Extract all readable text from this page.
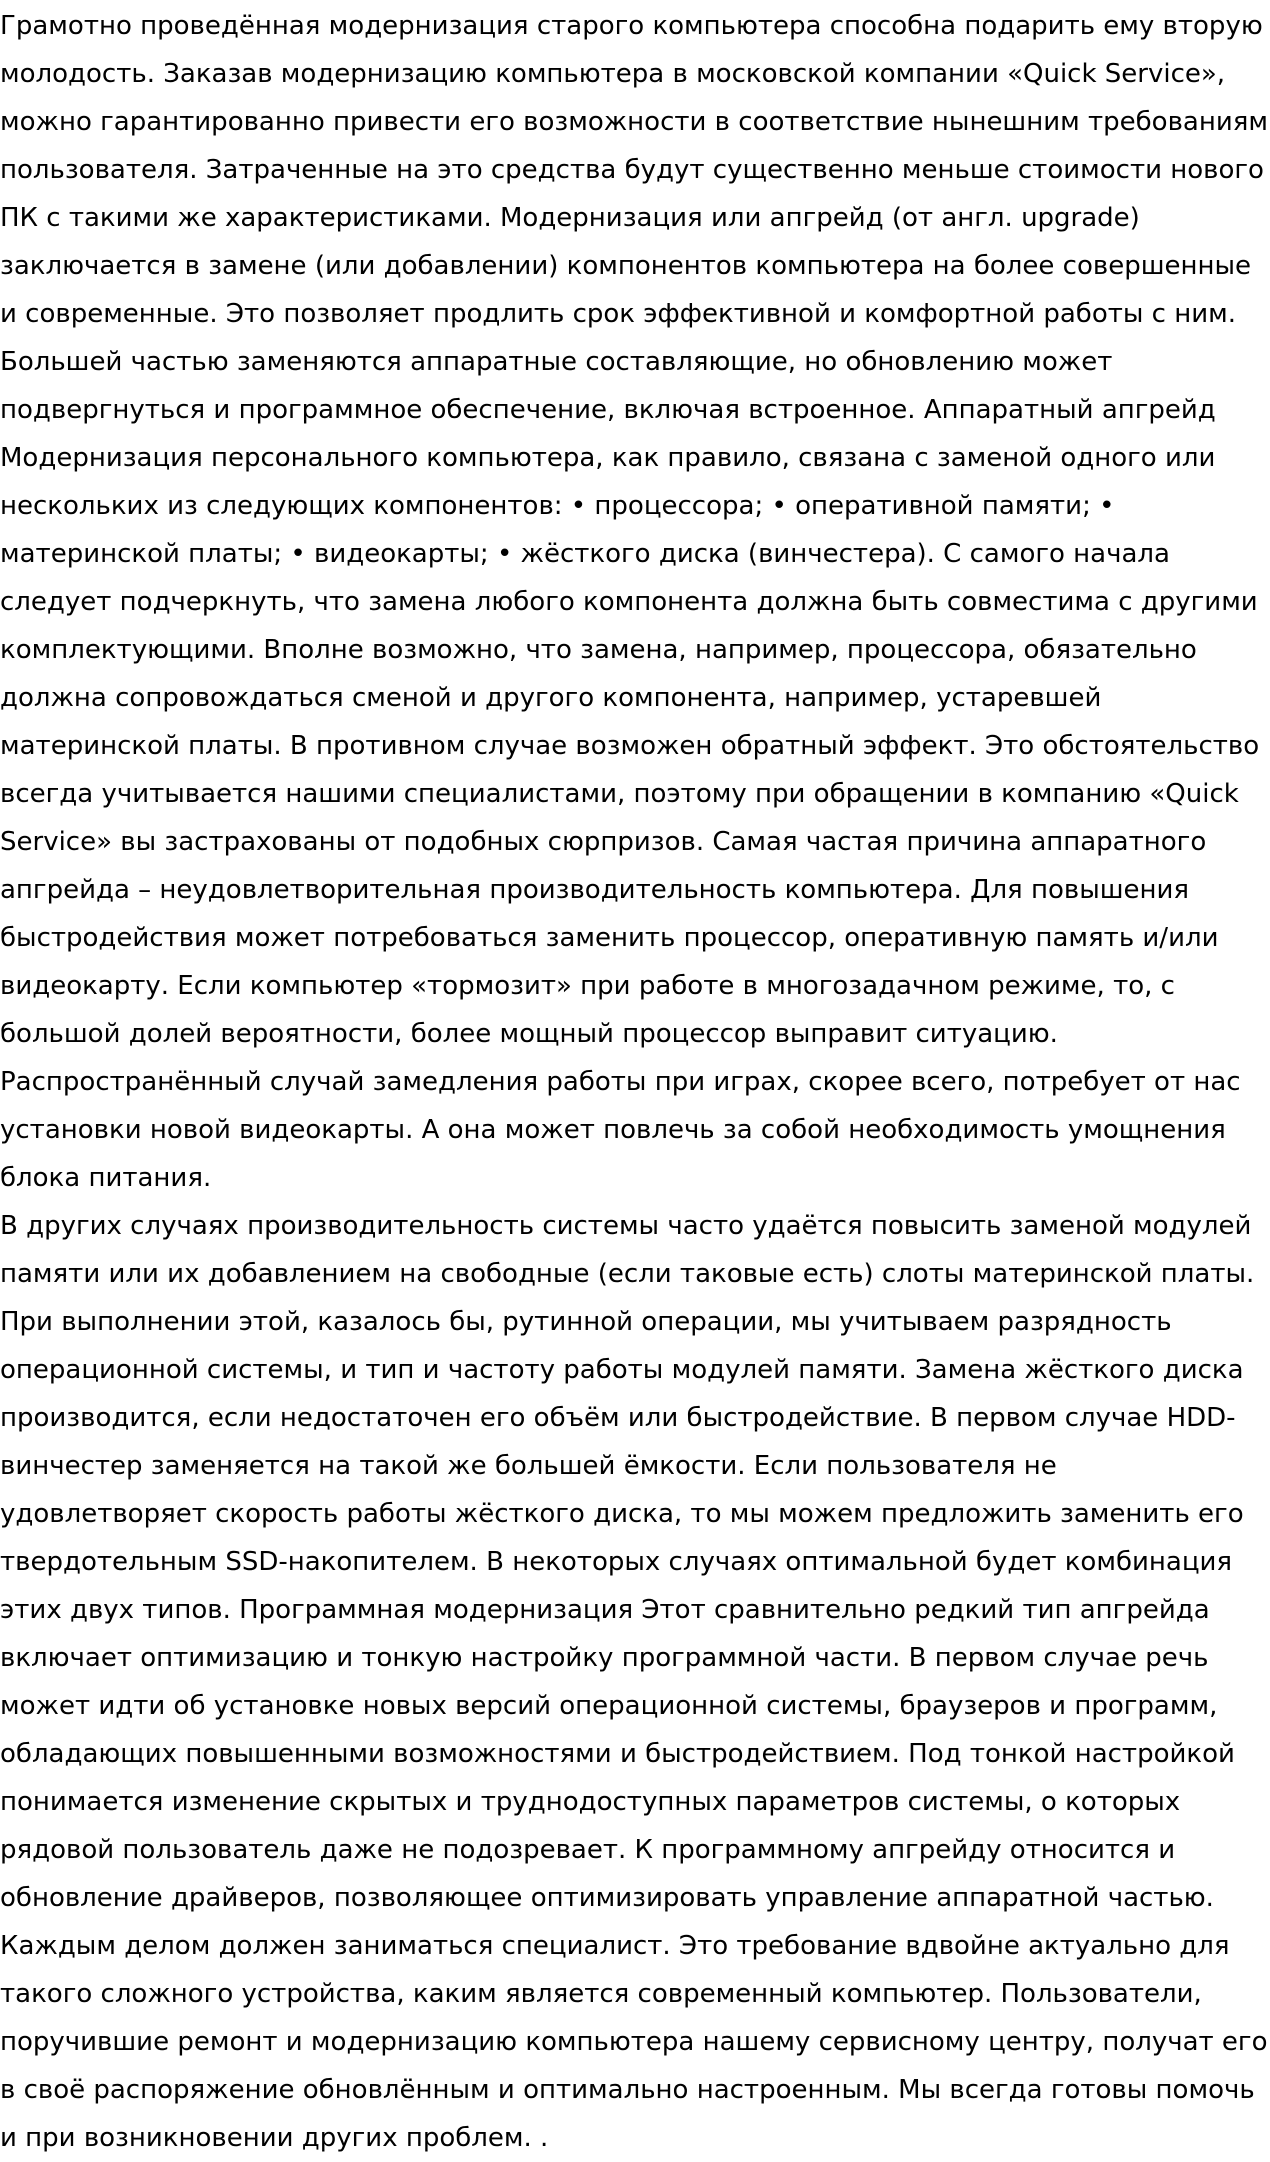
Грамотно проведённая модернизация старого компьютера способна подарить ему вторую
молодость. Заказав модернизацию компьютера в московской компании «Quick Service»,
можно гарантированно привести его возможности в соответствие нынешним требованиям
пользователя. Затраченные на это средства будут существенно меньше стоимости нового
ПК с такими же характеристиками. Модернизация или апгрейд (от англ. upgrade)
заключается в замене (или добавлении) компонентов компьютера на более совершенные
и современные. Это позволяет продлить срок эффективной и комфортной работы с ним.
Большей частью заменяются аппаратные составляющие, но обновлению может
подвергнуться и программное обеспечение, включая встроенное. Аппаратный апгрейд
Модернизация персонального компьютера, как правило, связана с заменой одного или
нескольких из следующих компонентов: • процессора; • оперативной памяти; •
материнской платы; • видеокарты; • жёсткого диска (винчестера). С самого начала
следует подчеркнуть, что замена любого компонента должна быть совместима с другими
комплектующими. Вполне возможно, что замена, например, процессора, обязательно
должна сопровождаться сменой и другого компонента, например, устаревшей
материнской платы. В противном случае возможен обратный эффект. Это обстоятельство
всегда учитывается нашими специалистами, поэтому при обращении в компанию «Quick
Service» вы застрахованы от подобных сюрпризов. Самая частая причина аппаратного
апгрейда – неудовлетворительная производительность компьютера. Для повышения
быстродействия может потребоваться заменить процессор, оперативную память и/или
видеокарту. Если компьютер «тормозит» при работе в многозадачном режиме, то, с
большой долей вероятности, более мощный процессор выправит ситуацию.
Распространённый случай замедления работы при играх, скорее всего, потребует от нас
установки новой видеокарты. А она может повлечь за собой необходимость умощнения
блока питания.

В других случаях производительность системы часто удаётся повысить заменой модулей
памяти или их добавлением на свободные (если таковые есть) слоты материнской платы.
При выполнении этой, казалось бы, рутинной операции, мы учитываем разрядность
операционной системы, и тип и частоту работы модулей памяти. Замена жёсткого диска
производится, если недостаточен его объём или быстродействие. В первом случае HDD-
винчестер заменяется на такой же большей ёмкости. Если пользователя не
удовлетворяет скорость работы жёсткого диска, то мы можем предложить заменить его
твердотельным SSD-накопителем. В некоторых случаях оптимальной будет комбинация
этих двух типов. Программная модернизация Этот сравнительно редкий тип апгрейда
включает оптимизацию и тонкую настройку программной части. В первом случае речь
может идти об установке новых версий операционной системы, браузеров и программ,
обладающих повышенными возможностями и быстродействием. Под тонкой настройкой
понимается изменение скрытых и труднодоступных параметров системы, о которых
рядовой пользователь даже не подозревает. К программному апгрейду относится и
обновление драйверов, позволяющее оптимизировать управление аппаратной частью.
Каждым делом должен заниматься специалист. Это требование вдвойне актуально для
такого сложного устройства, каким является современный компьютер. Пользователи,
поручившие ремонт и модернизацию компьютера нашему сервисному центру, получат его
в своё распоряжение обновлённым и оптимально настроенным. Мы всегда готовы помочь
и при возникновении других проблем. .
